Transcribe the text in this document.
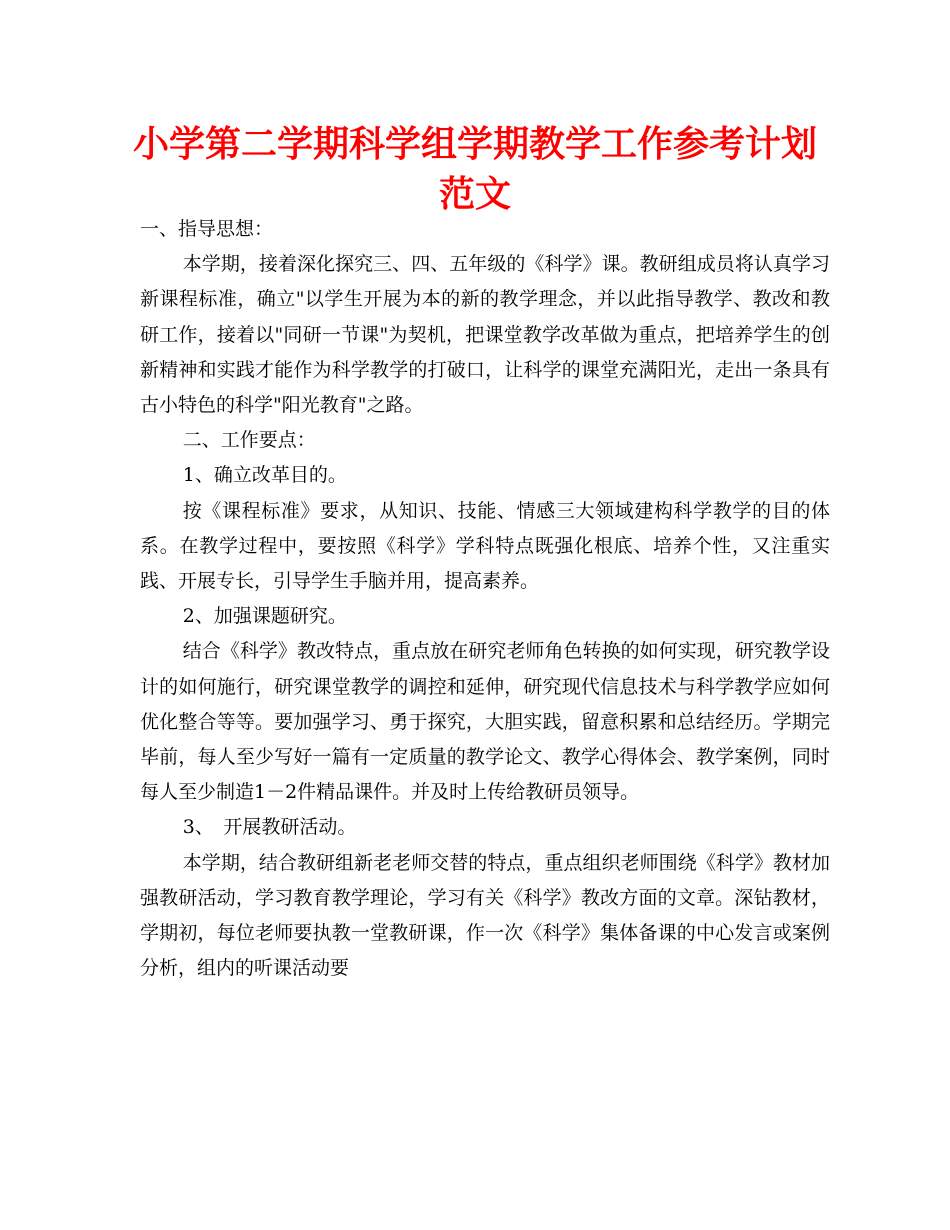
小学第二学期科学组学期教学工作参考计划范文

一、指导思想：

本学期，接着深化探究三、四、五年级的《科学》课。教研组成员将认真学习新课程标准，确立"以学生开展为本的新的教学理念，并以此指导教学、教改和教研工作，接着以"同研一节课"为契机，把课堂教学改革做为重点，把培养学生的创新精神和实践才能作为科学教学的打破口，让科学的课堂充满阳光，走出一条具有古小特色的科学"阳光教育"之路。

二、工作要点：

1、确立改革目的。

按《课程标准》要求，从知识、技能、情感三大领域建构科学教学的目的体系。在教学过程中，要按照《科学》学科特点既强化根底、培养个性，又注重实践、开展专长，引导学生手脑并用，提高素养。

2、加强课题研究。

结合《科学》教改特点，重点放在研究老师角色转换的如何实现，研究教学设计的如何施行，研究课堂教学的调控和延伸，研究现代信息技术与科学教学应如何优化整合等等。要加强学习、勇于探究，大胆实践，留意积累和总结经历。学期完毕前，每人至少写好一篇有一定质量的教学论文、教学心得体会、教学案例，同时每人至少制造1－2件精品课件。并及时上传给教研员领导。

3、　开展教研活动。

本学期，结合教研组新老老师交替的特点，重点组织老师围绕《科学》教材加强教研活动，学习教育教学理论，学习有关《科学》教改方面的文章。深钻教材，学期初，每位老师要执教一堂教研课，作一次《科学》集体备课的中心发言或案例分析，组内的听课活动要
